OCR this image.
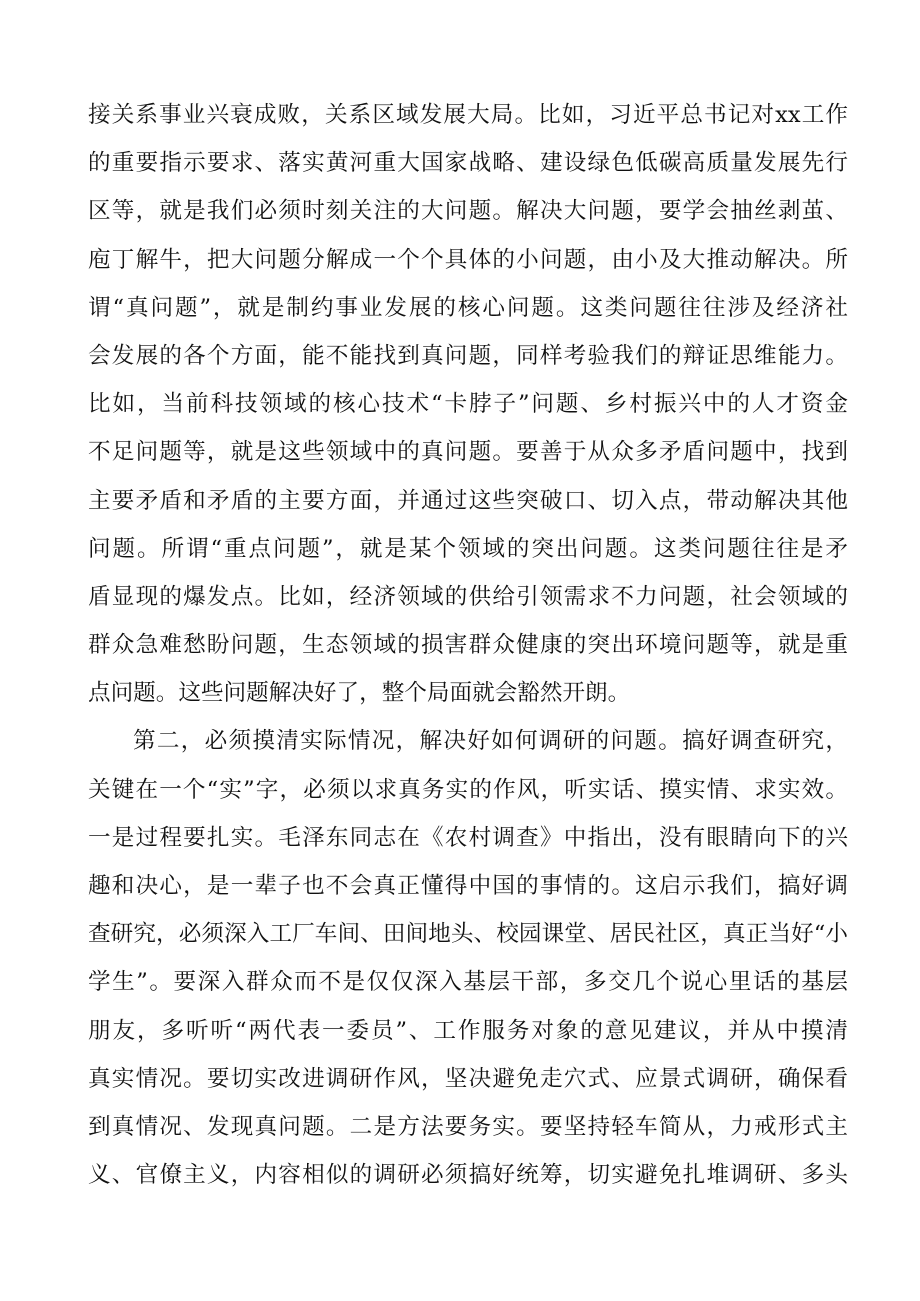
接关系事业兴衰成败，关系区域发展大局。比如，习近平总书记对xx工作
的重要指示要求、落实黄河重大国家战略、建设绿色低碳高质量发展先行
区等，就是我们必须时刻关注的大问题。解决大问题，要学会抽丝剥茧、
庖丁解牛，把大问题分解成一个个具体的小问题，由小及大推动解决。所
谓“真问题”，就是制约事业发展的核心问题。这类问题往往涉及经济社
会发展的各个方面，能不能找到真问题，同样考验我们的辩证思维能力。
比如，当前科技领域的核心技术“卡脖子”问题、乡村振兴中的人才资金
不足问题等，就是这些领域中的真问题。要善于从众多矛盾问题中，找到
主要矛盾和矛盾的主要方面，并通过这些突破口、切入点，带动解决其他
问题。所谓“重点问题”，就是某个领域的突出问题。这类问题往往是矛
盾显现的爆发点。比如，经济领域的供给引领需求不力问题，社会领域的
群众急难愁盼问题，生态领域的损害群众健康的突出环境问题等，就是重
点问题。这些问题解决好了，整个局面就会豁然开朗。
第二，必须摸清实际情况，解决好如何调研的问题。搞好调查研究，
关键在一个“实”字，必须以求真务实的作风，听实话、摸实情、求实效。
一是过程要扎实。毛泽东同志在《农村调查》中指出，没有眼睛向下的兴
趣和决心，是一辈子也不会真正懂得中国的事情的。这启示我们，搞好调
查研究，必须深入工厂车间、田间地头、校园课堂、居民社区，真正当好“小
学生”。要深入群众而不是仅仅深入基层干部，多交几个说心里话的基层
朋友，多听听“两代表一委员”、工作服务对象的意见建议，并从中摸清
真实情况。要切实改进调研作风，坚决避免走穴式、应景式调研，确保看
到真情况、发现真问题。二是方法要务实。要坚持轻车简从，力戒形式主
义、官僚主义，内容相似的调研必须搞好统筹，切实避免扎堆调研、多头
